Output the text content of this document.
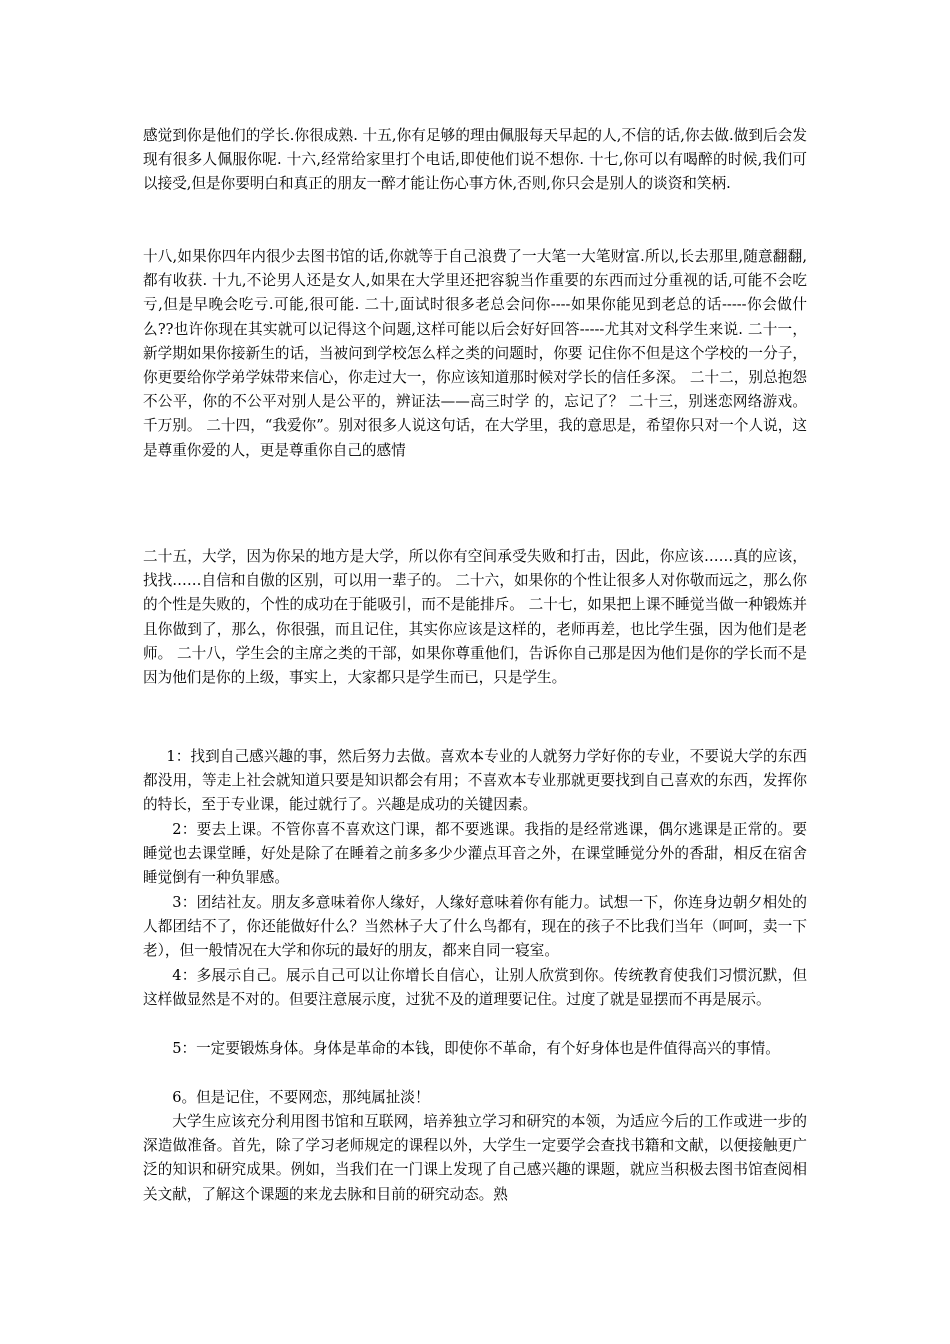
感觉到你是他们的学长.你很成熟. 十五,你有足够的理由佩服每天早起的人,不信的话,你去做.做到后会发现有很多人佩服你呢. 十六,经常给家里打个电话,即使他们说不想你. 十七,你可以有喝醉的时候,我们可以接受,但是你要明白和真正的朋友一醉才能让伤心事方休,否则,你只会是别人的谈资和笑柄.

十八,如果你四年内很少去图书馆的话,你就等于自己浪费了一大笔一大笔财富.所以,长去那里,随意翻翻,都有收获. 十九,不论男人还是女人,如果在大学里还把容貌当作重要的东西而过分重视的话,可能不会吃亏,但是早晚会吃亏.可能,很可能. 二十,面试时很多老总会问你----如果你能见到老总的话-----你会做什么??也许你现在其实就可以记得这个问题,这样可能以后会好好回答-----尤其对文科学生来说. 二十一，新学期如果你接新生的话，当被问到学校怎么样之类的问题时，你要 记住你不但是这个学校的一分子，你更要给你学弟学妹带来信心，你走过大一，你应该知道那时候对学长的信任多深。 二十二，别总抱怨不公平，你的不公平对别人是公平的，辨证法——高三时学 的，忘记了？ 二十三，别迷恋网络游戏。千万别。 二十四，“我爱你”。别对很多人说这句话，在大学里，我的意思是，希望你只对一个人说，这是尊重你爱的人，更是尊重你自己的感情

二十五，大学，因为你呆的地方是大学，所以你有空间承受失败和打击，因此，你应该……真的应该，找找……自信和自傲的区别，可以用一辈子的。 二十六，如果你的个性让很多人对你敬而远之，那么你的个性是失败的，个性的成功在于能吸引，而不是能排斥。 二十七，如果把上课不睡觉当做一种锻炼并且你做到了，那么，你很强，而且记住，其实你应该是这样的，老师再差，也比学生强，因为他们是老师。 二十八，学生会的主席之类的干部，如果你尊重他们，告诉你自己那是因为他们是你的学长而不是因为他们是你的上级，事实上，大家都只是学生而已，只是学生。

1：找到自己感兴趣的事，然后努力去做。喜欢本专业的人就努力学好你的专业，不要说大学的东西都没用，等走上社会就知道只要是知识都会有用；不喜欢本专业那就更要找到自己喜欢的东西，发挥你的特长，至于专业课，能过就行了。兴趣是成功的关键因素。

2：要去上课。不管你喜不喜欢这门课，都不要逃课。我指的是经常逃课，偶尔逃课是正常的。要睡觉也去课堂睡，好处是除了在睡着之前多多少少灌点耳音之外，在课堂睡觉分外的香甜，相反在宿舍睡觉倒有一种负罪感。

3：团结社友。朋友多意味着你人缘好，人缘好意味着你有能力。试想一下，你连身边朝夕相处的人都团结不了，你还能做好什么？当然林子大了什么鸟都有，现在的孩子不比我们当年（呵呵，卖一下老），但一般情况在大学和你玩的最好的朋友，都来自同一寝室。

4：多展示自己。展示自己可以让你增长自信心，让别人欣赏到你。传统教育使我们习惯沉默，但这样做显然是不对的。但要注意展示度，过犹不及的道理要记住。过度了就是显摆而不再是展示。

5：一定要锻炼身体。身体是革命的本钱，即使你不革命，有个好身体也是件值得高兴的事情。

6。但是记住，不要网恋，那纯属扯淡！

大学生应该充分利用图书馆和互联网，培养独立学习和研究的本领，为适应今后的工作或进一步的深造做准备。首先，除了学习老师规定的课程以外，大学生一定要学会查找书籍和文献，以便接触更广泛的知识和研究成果。例如，当我们在一门课上发现了自己感兴趣的课题，就应当积极去图书馆查阅相关文献，了解这个课题的来龙去脉和目前的研究动态。熟
